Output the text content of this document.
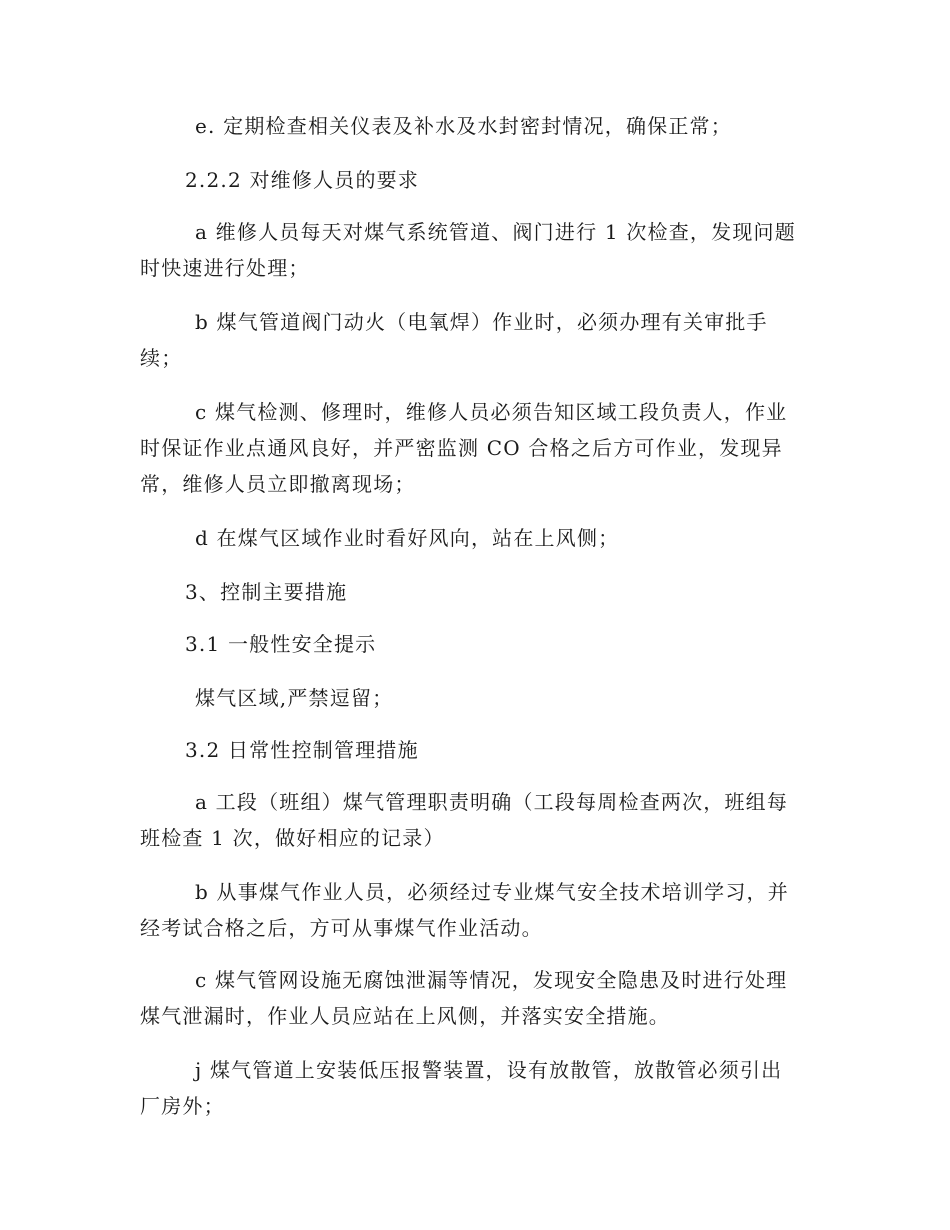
e. 定期检查相关仪表及补水及水封密封情况，确保正常；
2.2.2 对维修人员的要求
a 维修人员每天对煤气系统管道、阀门进行 1 次检查，发现问题
时快速进行处理；
b 煤气管道阀门动火（电氧焊）作业时，必须办理有关审批手
续；
c 煤气检测、修理时，维修人员必须告知区域工段负责人，作业
时保证作业点通风良好，并严密监测 CO 合格之后方可作业，发现异
常，维修人员立即撤离现场；
d 在煤气区域作业时看好风向，站在上风侧；
3、控制主要措施
3.1 一般性安全提示
煤气区域,严禁逗留；
3.2 日常性控制管理措施
a 工段（班组）煤气管理职责明确（工段每周检查两次，班组每
班检查 1 次，做好相应的记录）
b 从事煤气作业人员，必须经过专业煤气安全技术培训学习，并
经考试合格之后，方可从事煤气作业活动。
c 煤气管网设施无腐蚀泄漏等情况，发现安全隐患及时进行处理
煤气泄漏时，作业人员应站在上风侧，并落实安全措施。
j 煤气管道上安装低压报警装置，设有放散管，放散管必须引出
厂房外；
